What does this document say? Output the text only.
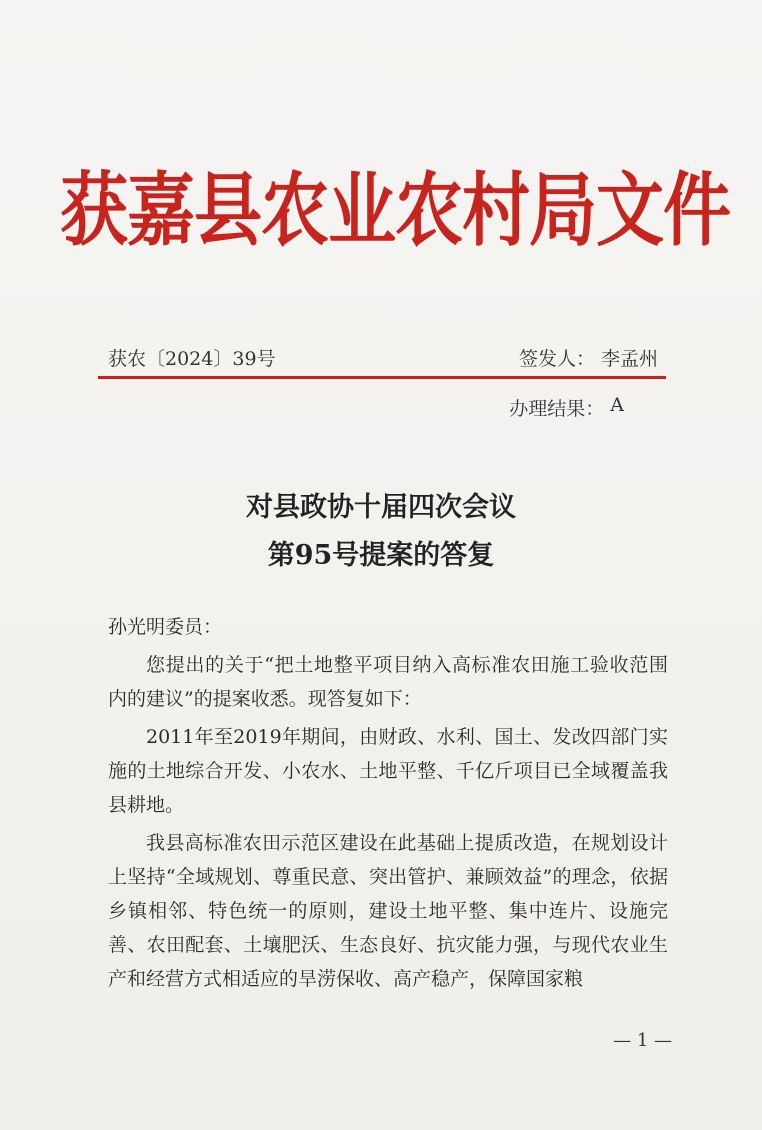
获嘉县农业农村局文件
获农〔2024〕39号	签发人： 李孟州
办理结果： A
对县政协十届四次会议
第95号提案的答复

孙光明委员：

您提出的关于“把土地整平项目纳入高标准农田施工验收范围内的建议”的提案收悉。现答复如下：

2011年至2019年期间，由财政、水利、国土、发改四部门实施的土地综合开发、小农水、土地平整、千亿斤项目已全域覆盖我县耕地。

我县高标准农田示范区建设在此基础上提质改造，在规划设计上坚持“全域规划、尊重民意、突出管护、兼顾效益”的理念，依据乡镇相邻、特色统一的原则，建设土地平整、集中连片、设施完善、农田配套、土壤肥沃、生态良好、抗灾能力强，与现代农业生产和经营方式相适应的旱涝保收、高产稳产，保障国家粮

— 1 —
